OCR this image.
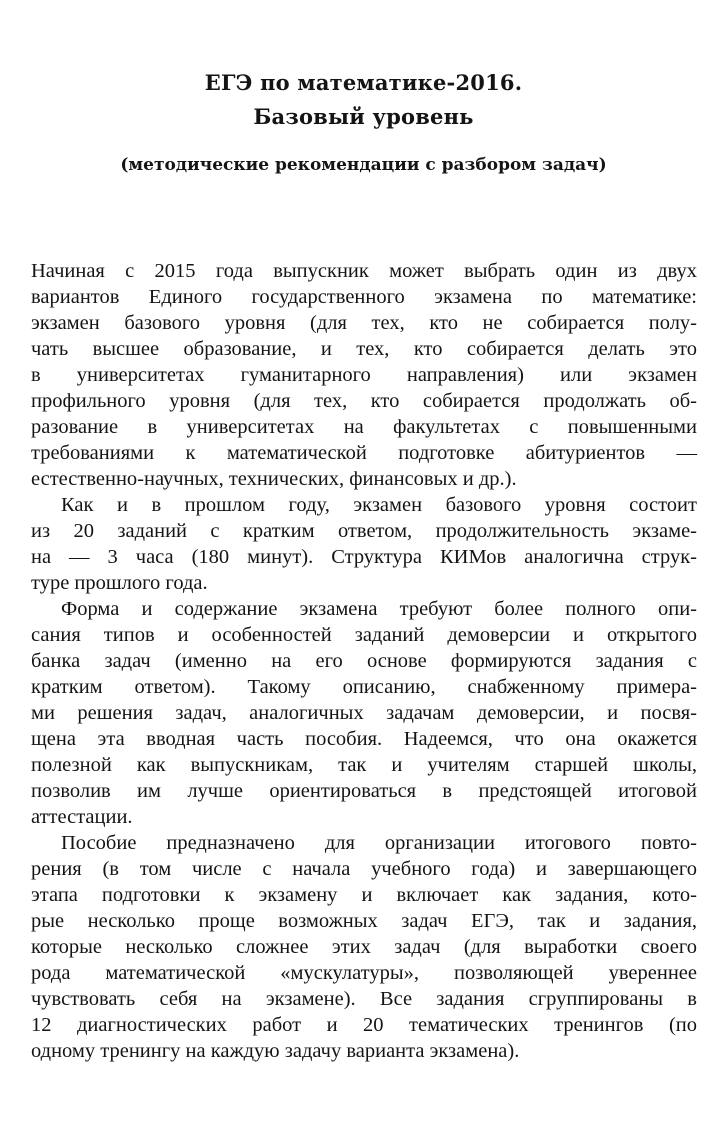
ЕГЭ по математике-2016.
Базовый уровень
(методические рекомендации с разбором задач)
Начиная с 2015 года выпускник может выбрать один из двух
вариантов Единого государственного экзамена по математике:
экзамен базового уровня (для тех, кто не собирается полу-
чать высшее образование, и тех, кто собирается делать это
в университетах гуманитарного направления) или экзамен
профильного уровня (для тех, кто собирается продолжать об-
разование в университетах на факультетах с повышенными
требованиями к математической подготовке абитуриентов —
естественно-научных, технических, финансовых и др.).
Как и в прошлом году, экзамен базового уровня состоит
из 20 заданий с кратким ответом, продолжительность экзаме-
на — 3 часа (180 минут). Структура КИМов аналогична струк-
туре прошлого года.
Форма и содержание экзамена требуют более полного опи-
сания типов и особенностей заданий демоверсии и открытого
банка задач (именно на его основе формируются задания с
кратким ответом). Такому описанию, снабженному примера-
ми решения задач, аналогичных задачам демоверсии, и посвя-
щена эта вводная часть пособия. Надеемся, что она окажется
полезной как выпускникам, так и учителям старшей школы,
позволив им лучше ориентироваться в предстоящей итоговой
аттестации.
Пособие предназначено для организации итогового повто-
рения (в том числе с начала учебного года) и завершающего
этапа подготовки к экзамену и включает как задания, кото-
рые несколько проще возможных задач ЕГЭ, так и задания,
которые несколько сложнее этих задач (для выработки своего
рода математической «мускулатуры», позволяющей увереннее
чувствовать себя на экзамене). Все задания сгруппированы в
12 диагностических работ и 20 тематических тренингов (по
одному тренингу на каждую задачу варианта экзамена).
